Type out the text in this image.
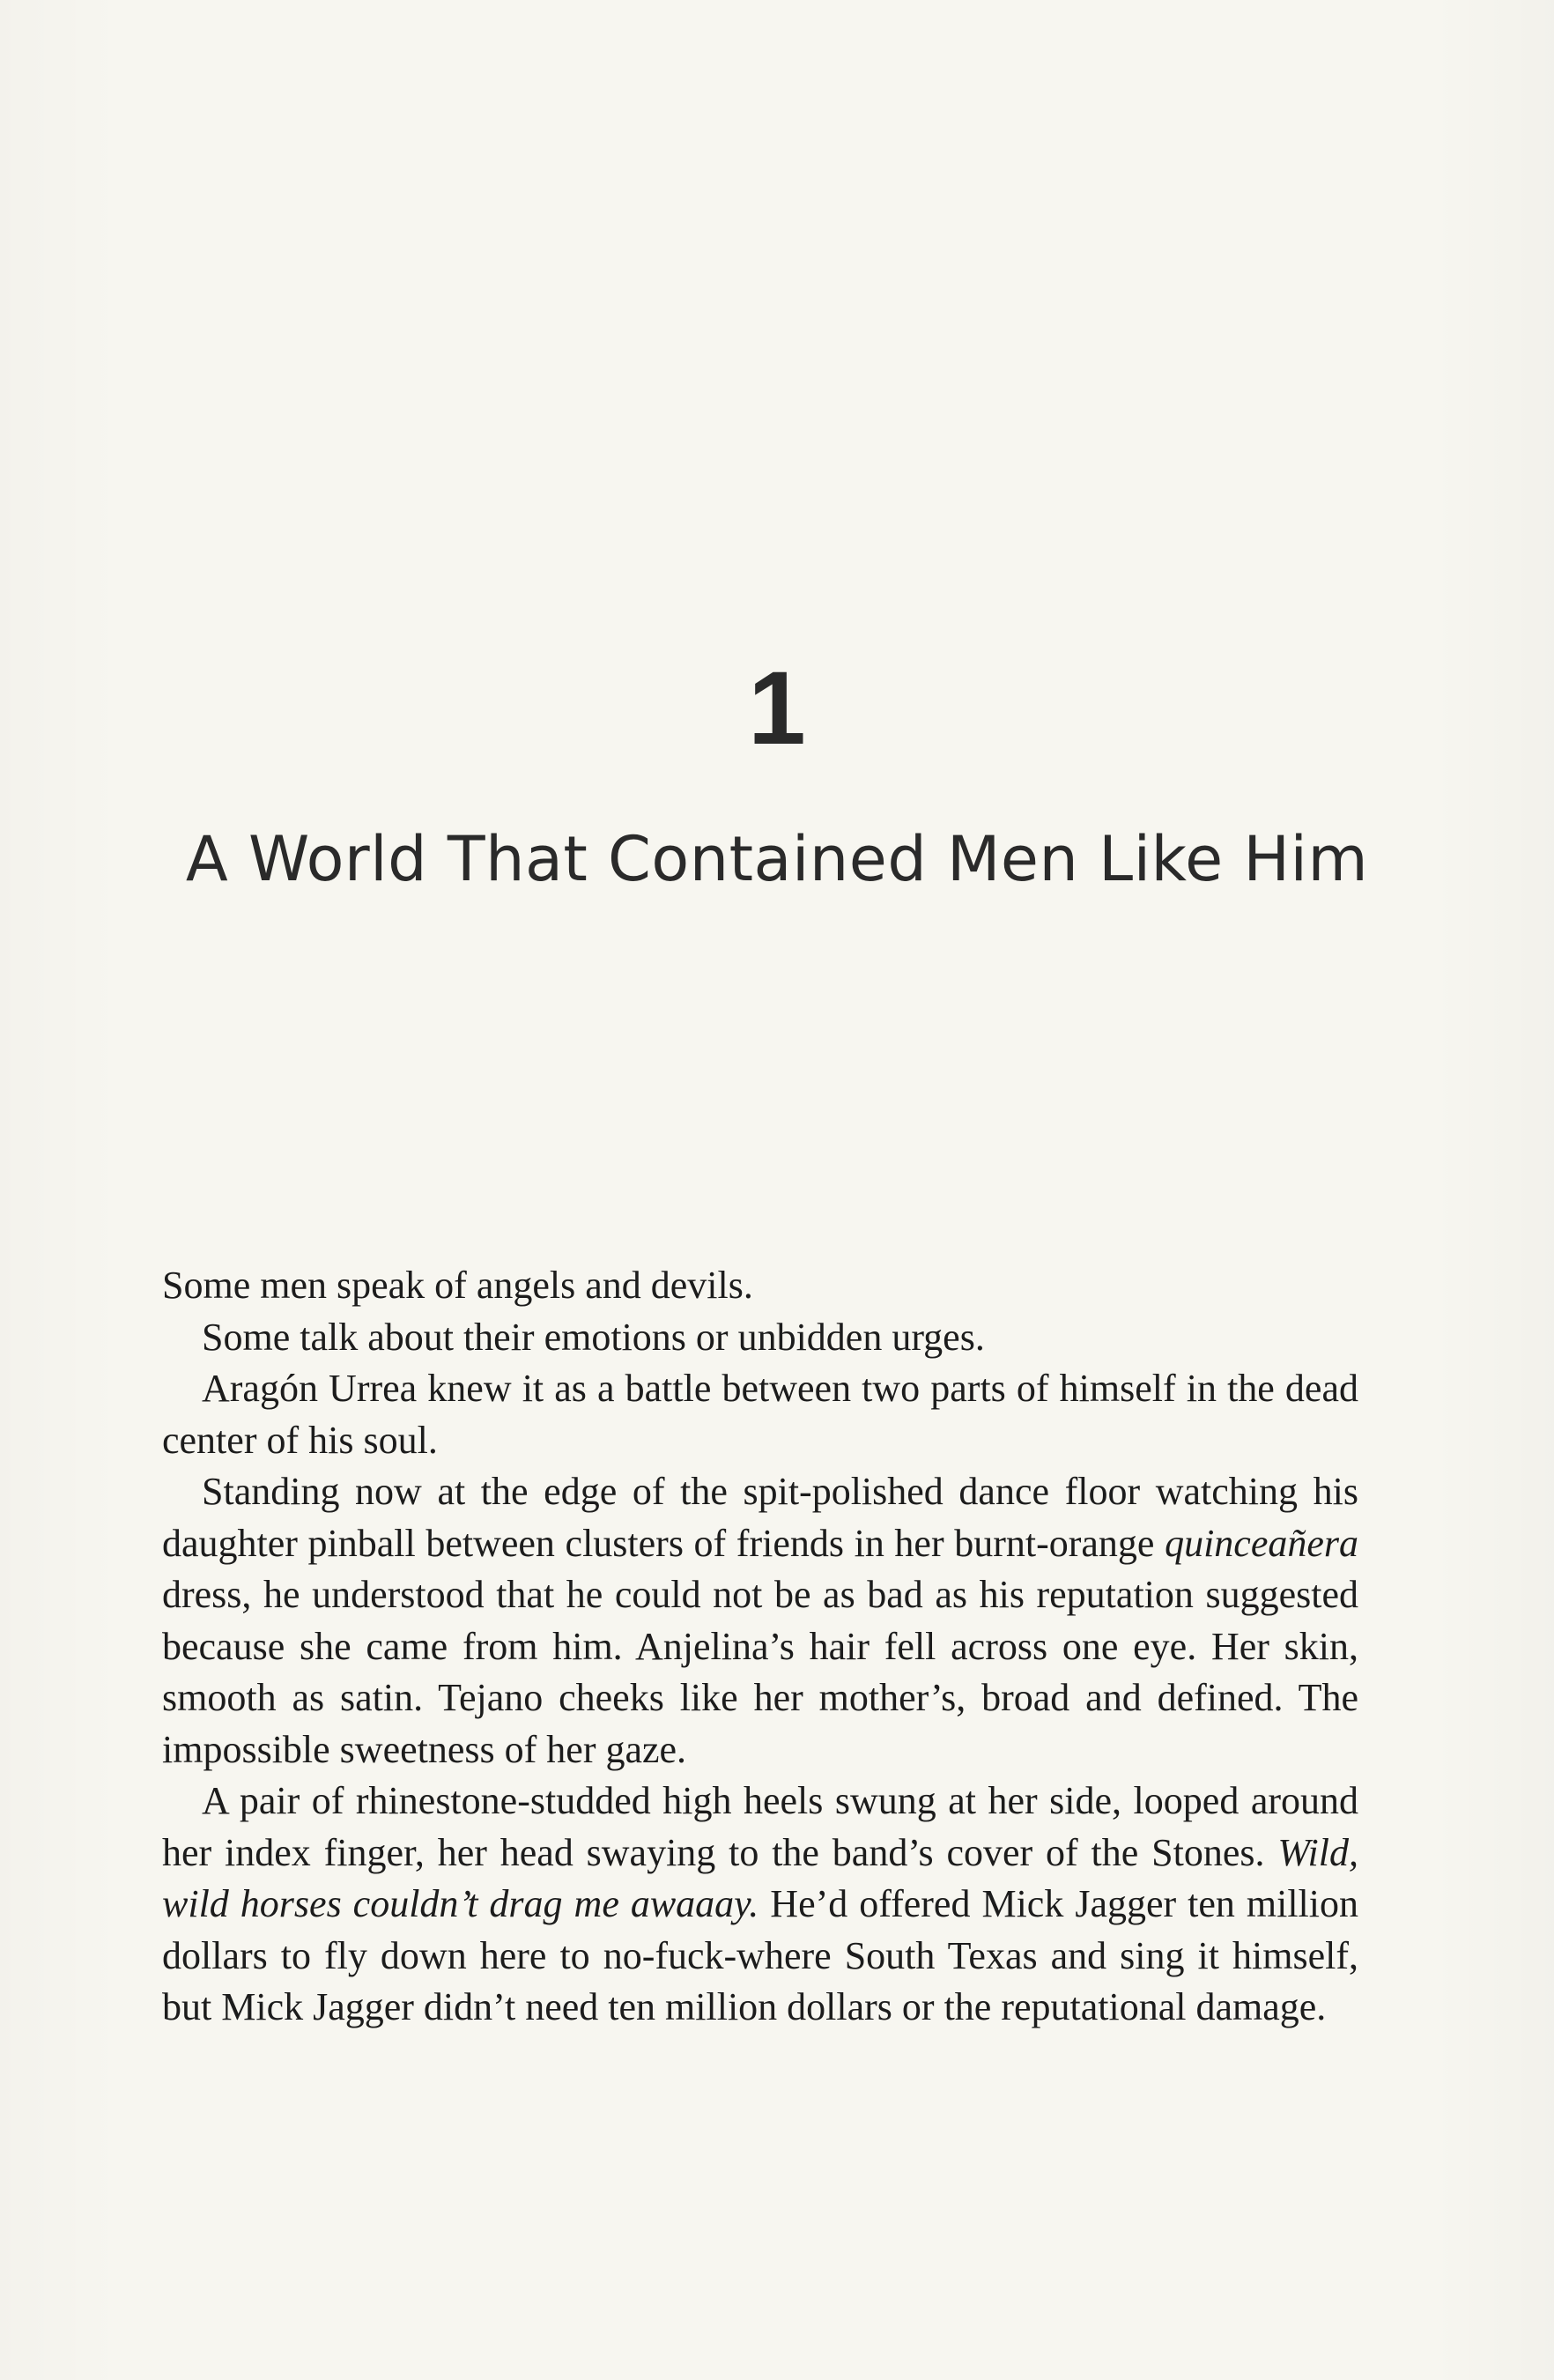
1
A World That Contained Men Like Him

Some men speak of angels and devils.

Some talk about their emotions or unbidden urges.

Aragón Urrea knew it as a battle between two parts of himself in the dead center of his soul.

Standing now at the edge of the spit-polished dance floor watching his daughter pinball between clusters of friends in her burnt-orange quinceañera dress, he understood that he could not be as bad as his reputation suggested because she came from him. Anjelina’s hair fell across one eye. Her skin, smooth as satin. Tejano cheeks like her mother’s, broad and defined. The impossible sweetness of her gaze.

A pair of rhinestone-studded high heels swung at her side, looped around her index finger, her head swaying to the band’s cover of the Stones. Wild, wild horses couldn’t drag me awaaay. He’d offered Mick Jagger ten million dollars to fly down here to no-fuck-where South Texas and sing it himself, but Mick Jagger didn’t need ten million dollars or the reputational damage.
